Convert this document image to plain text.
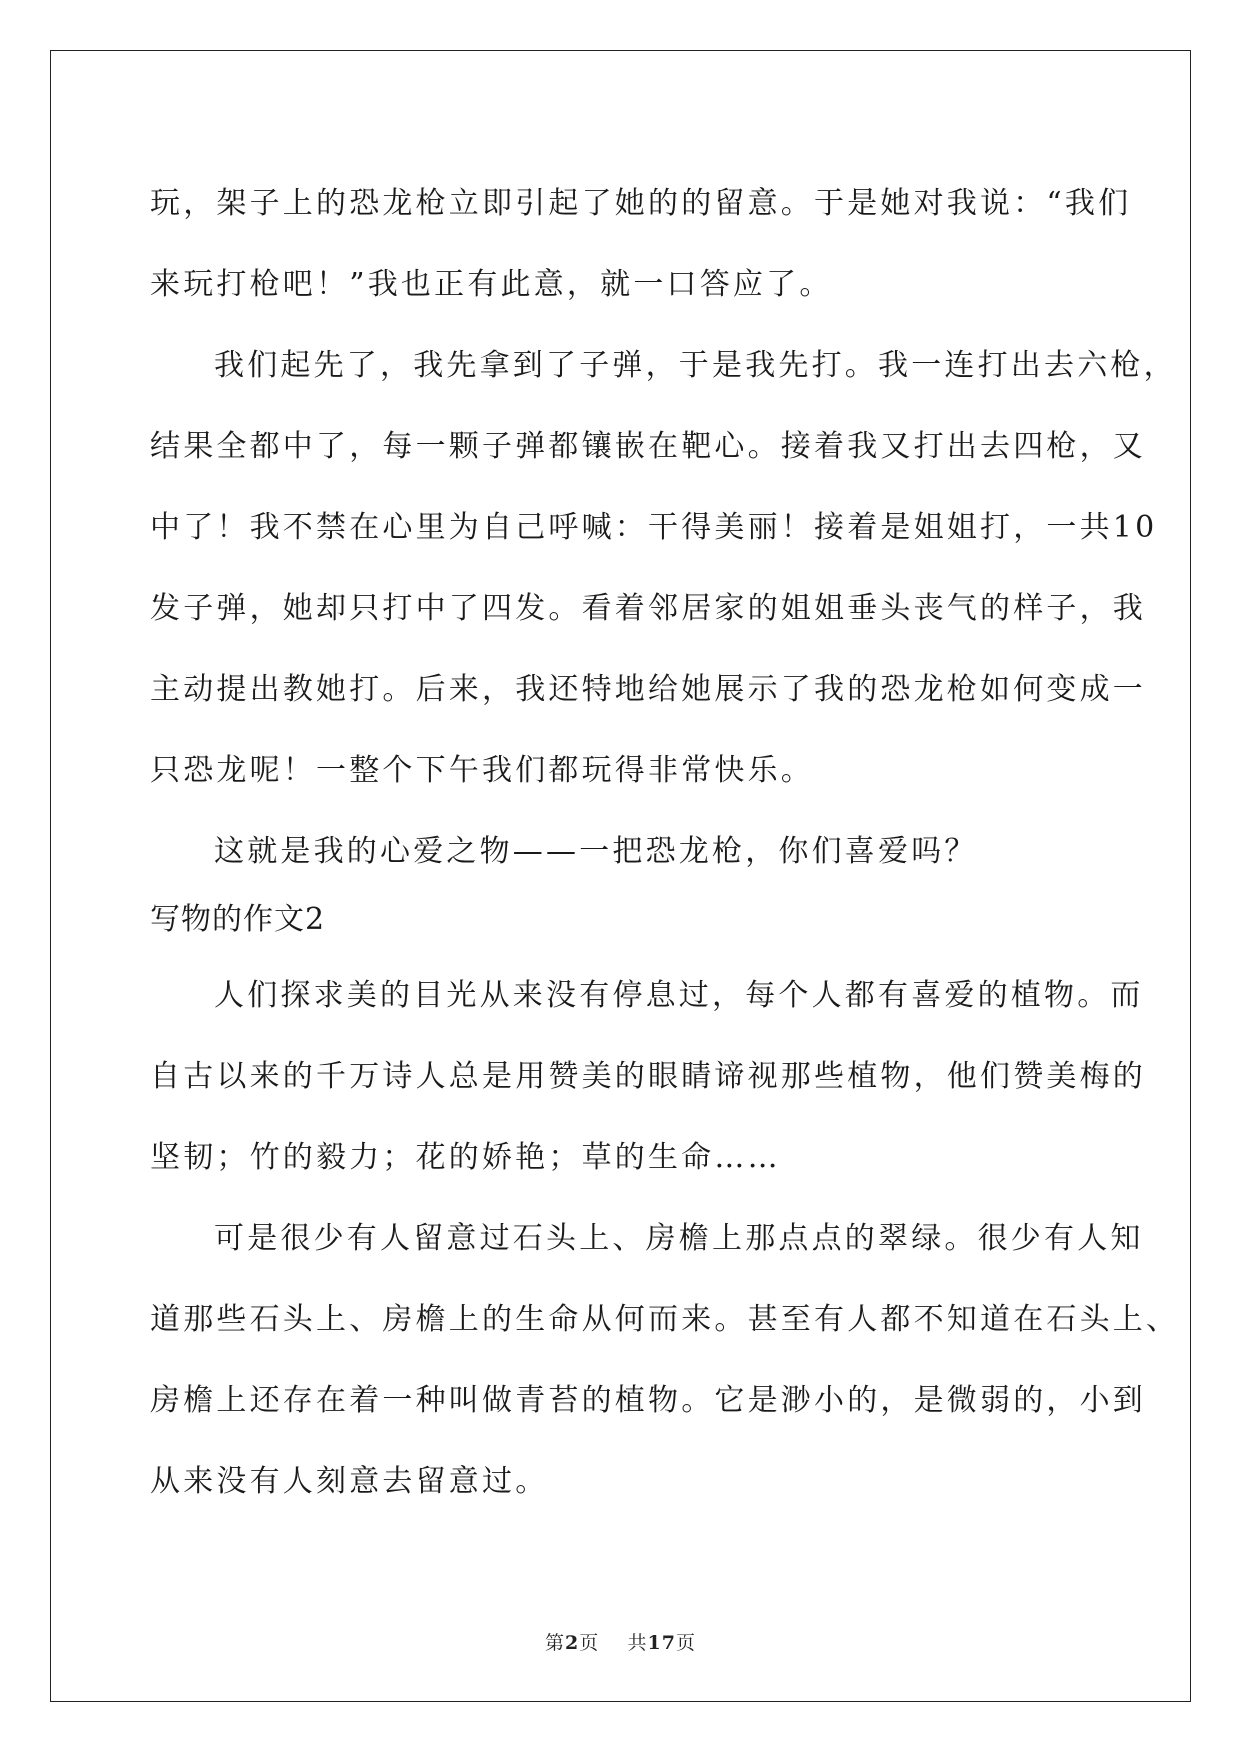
玩，架子上的恐龙枪立即引起了她的的留意。于是她对我说：“我们
来玩打枪吧！”我也正有此意，就一口答应了。
我们起先了，我先拿到了子弹，于是我先打。我一连打出去六枪，
结果全都中了，每一颗子弹都镶嵌在靶心。接着我又打出去四枪，又
中了！我不禁在心里为自己呼喊：干得美丽！接着是姐姐打，一共10
发子弹，她却只打中了四发。看着邻居家的姐姐垂头丧气的样子，我
主动提出教她打。后来，我还特地给她展示了我的恐龙枪如何变成一
只恐龙呢！一整个下午我们都玩得非常快乐。
这就是我的心爱之物——一把恐龙枪，你们喜爱吗？
写物的作文2
人们探求美的目光从来没有停息过，每个人都有喜爱的植物。而
自古以来的千万诗人总是用赞美的眼睛谛视那些植物，他们赞美梅的
坚韧；竹的毅力；花的娇艳；草的生命……
可是很少有人留意过石头上、房檐上那点点的翠绿。很少有人知
道那些石头上、房檐上的生命从何而来。甚至有人都不知道在石头上、
房檐上还存在着一种叫做青苔的植物。它是渺小的，是微弱的，小到
从来没有人刻意去留意过。
第2页 共17页
